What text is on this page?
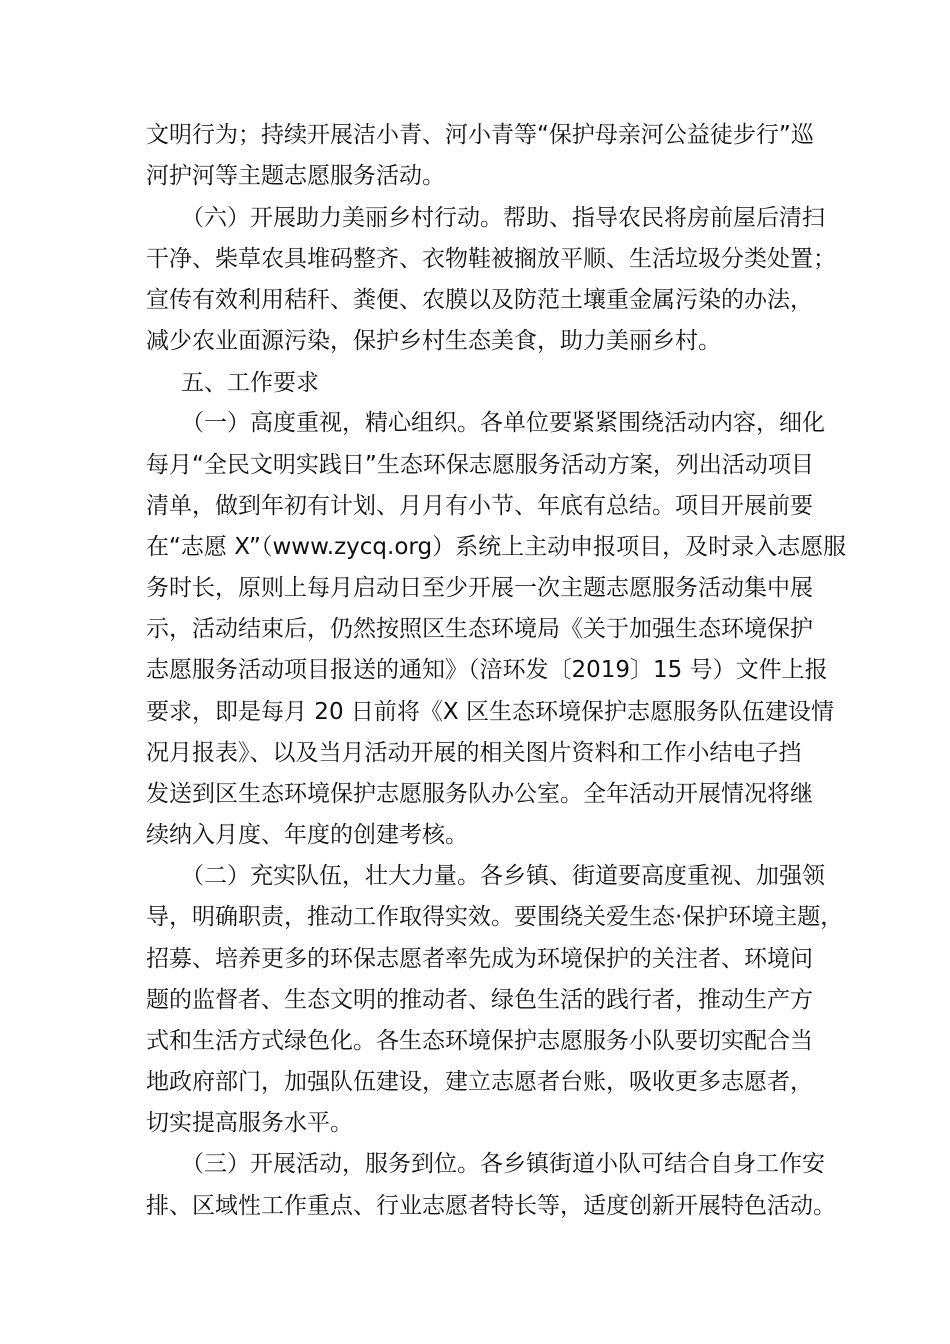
文明行为；持续开展洁小青、河小青等“保护母亲河公益徒步行”巡
河护河等主题志愿服务活动。
（六）开展助力美丽乡村行动。帮助、指导农民将房前屋后清扫
干净、柴草农具堆码整齐、衣物鞋被搁放平顺、生活垃圾分类处置；
宣传有效利用秸秆、粪便、农膜以及防范土壤重金属污染的办法，
减少农业面源污染，保护乡村生态美食，助力美丽乡村。
五、工作要求
（一）高度重视，精心组织。各单位要紧紧围绕活动内容，细化
每月“全民文明实践日”生态环保志愿服务活动方案，列出活动项目
清单，做到年初有计划、月月有小节、年底有总结。项目开展前要
在“志愿 X”（www.zycq.org）系统上主动申报项目，及时录入志愿服
务时长，原则上每月启动日至少开展一次主题志愿服务活动集中展
示，活动结束后，仍然按照区生态环境局《关于加强生态环境保护
志愿服务活动项目报送的通知》（涪环发〔2019〕15 号）文件上报
要求，即是每月 20 日前将《X 区生态环境保护志愿服务队伍建设情
况月报表》、以及当月活动开展的相关图片资料和工作小结电子挡
发送到区生态环境保护志愿服务队办公室。全年活动开展情况将继
续纳入月度、年度的创建考核。
（二）充实队伍，壮大力量。各乡镇、街道要高度重视、加强领
导，明确职责，推动工作取得实效。要围绕关爱生态·保护环境主题，
招募、培养更多的环保志愿者率先成为环境保护的关注者、环境问
题的监督者、生态文明的推动者、绿色生活的践行者，推动生产方
式和生活方式绿色化。各生态环境保护志愿服务小队要切实配合当
地政府部门，加强队伍建设，建立志愿者台账，吸收更多志愿者，
切实提高服务水平。
（三）开展活动，服务到位。各乡镇街道小队可结合自身工作安
排、区域性工作重点、行业志愿者特长等，适度创新开展特色活动。
